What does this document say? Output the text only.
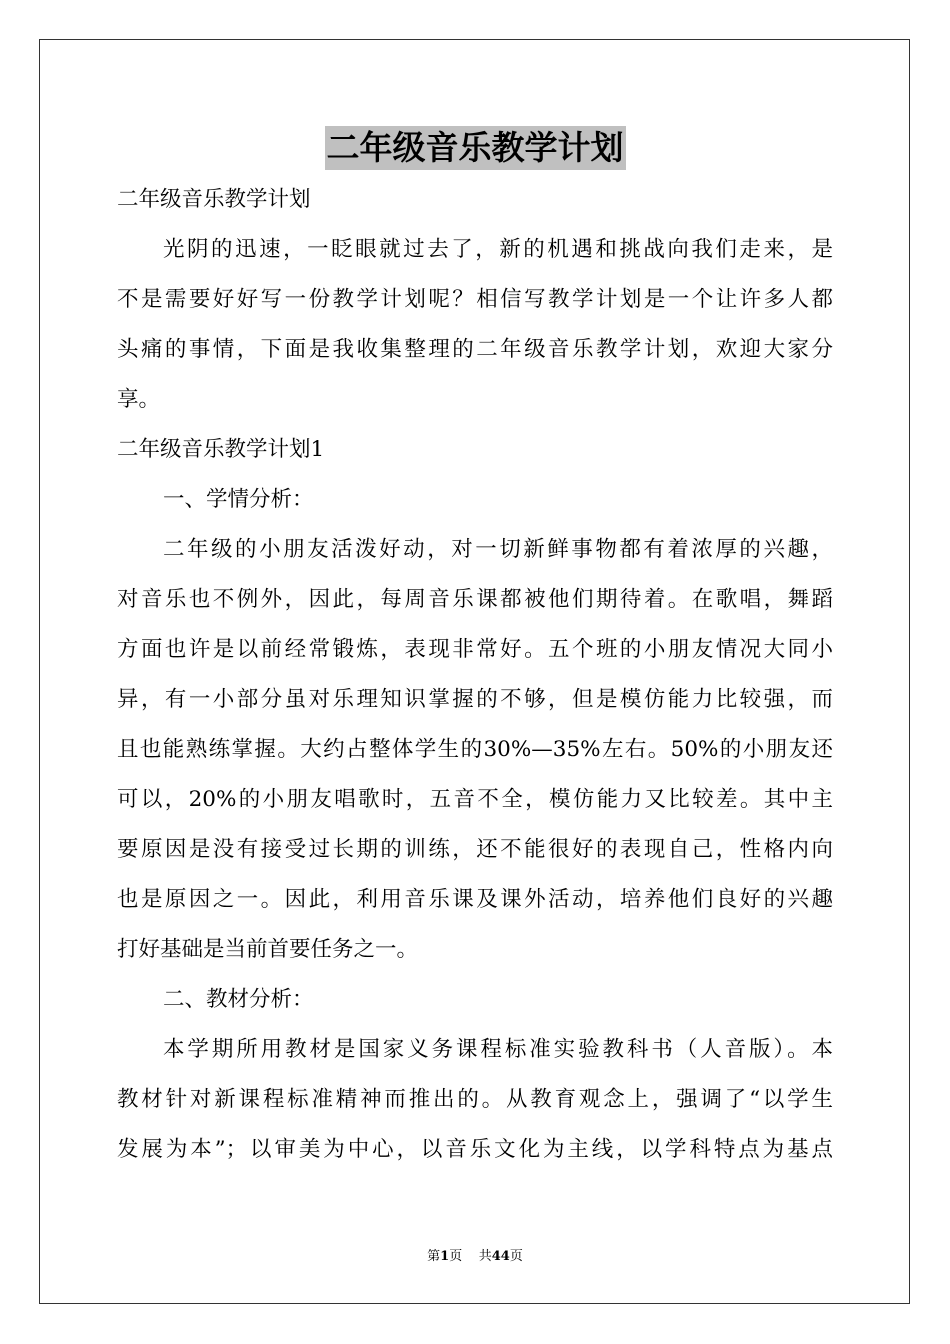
二年级音乐教学计划
二年级音乐教学计划
光阴的迅速，一眨眼就过去了，新的机遇和挑战向我们走来，是
不是需要好好写一份教学计划呢？相信写教学计划是一个让许多人都
头痛的事情，下面是我收集整理的二年级音乐教学计划，欢迎大家分
享。
二年级音乐教学计划1
一、学情分析：
二年级的小朋友活泼好动，对一切新鲜事物都有着浓厚的兴趣，
对音乐也不例外，因此，每周音乐课都被他们期待着。在歌唱，舞蹈
方面也许是以前经常锻炼，表现非常好。五个班的小朋友情况大同小
异，有一小部分虽对乐理知识掌握的不够，但是模仿能力比较强，而
且也能熟练掌握。大约占整体学生的30%—35%左右。50%的小朋友还
可以，20%的小朋友唱歌时，五音不全，模仿能力又比较差。其中主
要原因是没有接受过长期的训练，还不能很好的表现自己，性格内向
也是原因之一。因此，利用音乐课及课外活动，培养他们良好的兴趣
打好基础是当前首要任务之一。
二、教材分析：
本学期所用教材是国家义务课程标准实验教科书（人音版）。本
教材针对新课程标准精神而推出的。从教育观念上，强调了“以学生
发展为本”；以审美为中心，以音乐文化为主线，以学科特点为基点
第1页 共44页
